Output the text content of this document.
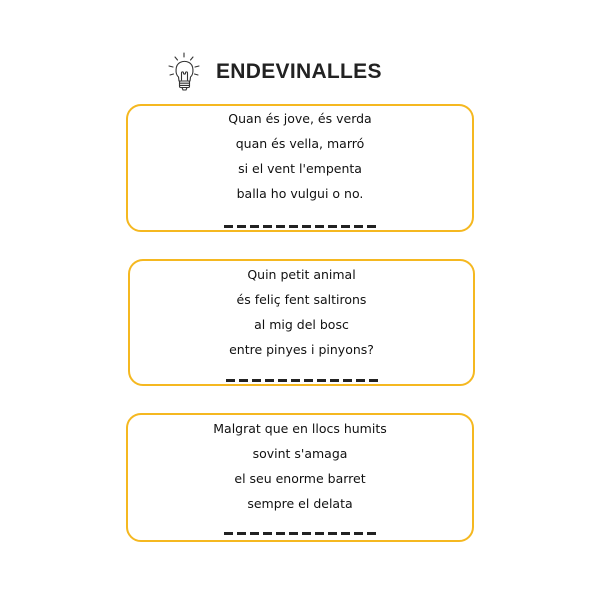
ENDEVINALLES
Quan és jove, és verda
quan és vella, marró
si el vent l'empenta
balla ho vulgui o no.
Quin petit animal
és feliç fent saltirons
al mig del bosc
entre pinyes i pinyons?
Malgrat que en llocs humits
sovint s'amaga
el seu enorme barret
sempre el delata
